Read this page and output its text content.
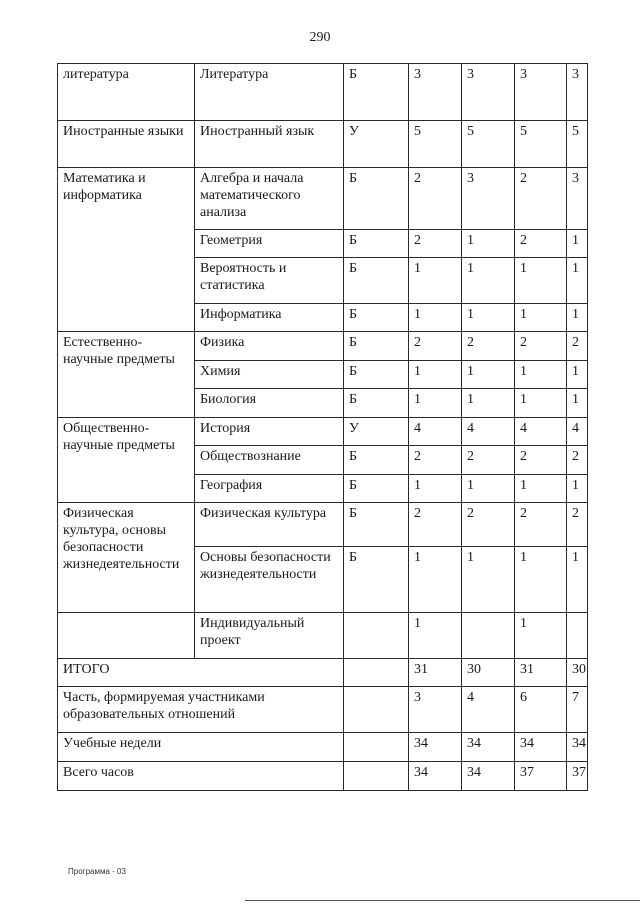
290
литература	Литература	Б	3	3	3	3
Иностранные языки	Иностранный язык	У	5	5	5	5
Математика и информатика	Алгебра и начала математического анализа	Б	2	3	2	3
	Геометрия	Б	2	1	2	1
	Вероятность и статистика	Б	1	1	1	1
	Информатика	Б	1	1	1	1
Естественно-научные предметы	Физика	Б	2	2	2	2
	Химия	Б	1	1	1	1
	Биология	Б	1	1	1	1
Общественно-научные предметы	История	У	4	4	4	4
	Обществознание	Б	2	2	2	2
	География	Б	1	1	1	1
Физическая культура, основы безопасности жизнедеятельности	Физическая культура	Б	2	2	2	2
	Основы безопасности жизнедеятельности	Б	1	1	1	1
	Индивидуальный проект		1		1	
ИТОГО			31	30	31	30
Часть, формируемая участниками образовательных отношений			3	4	6	7
Учебные недели			34	34	34	34
Всего часов			34	34	37	37
Программа - 03
